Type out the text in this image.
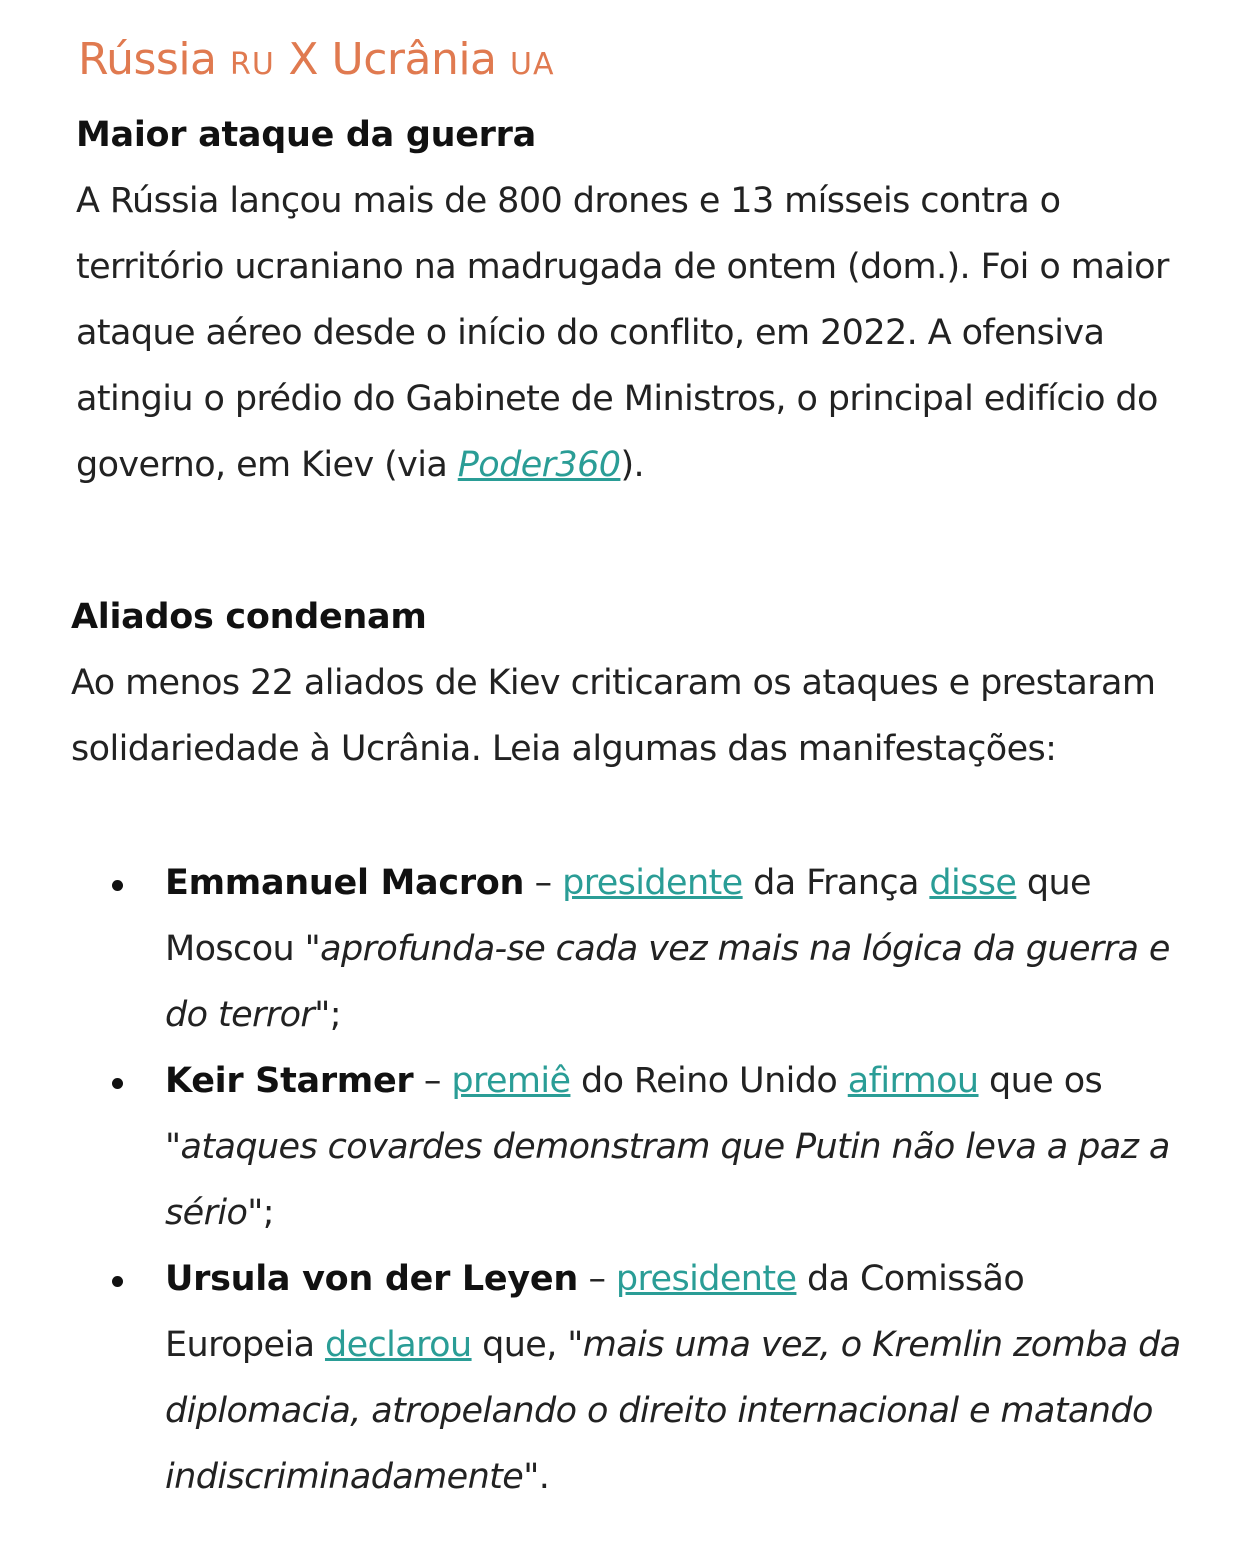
Rússia RU X Ucrânia UA
Maior ataque da guerra

A Rússia lançou mais de 800 drones e 13 mísseis contra o território ucraniano na madrugada de ontem (dom.). Foi o maior ataque aéreo desde o início do conflito, em 2022. A ofensiva atingiu o prédio do Gabinete de Ministros, o principal edifício do governo, em Kiev (via Poder360).

Aliados condenam

Ao menos 22 aliados de Kiev criticaram os ataques e prestaram solidariedade à Ucrânia. Leia algumas das manifestações:

Emmanuel Macron – presidente da França disse que Moscou "aprofunda-se cada vez mais na lógica da guerra e do terror";
Keir Starmer – premiê do Reino Unido afirmou que os "ataques covardes demonstram que Putin não leva a paz a sério";
Ursula von der Leyen – presidente da Comissão Europeia declarou que, "mais uma vez, o Kremlin zomba da diplomacia, atropelando o direito internacional e matando indiscriminadamente".
